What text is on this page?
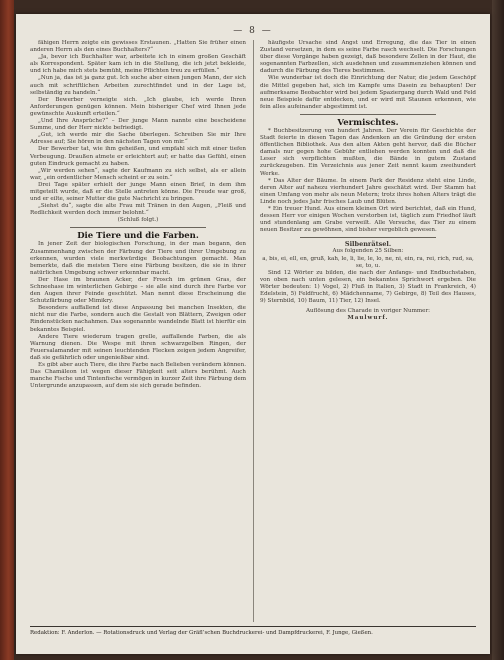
— 8 —

fähigen Herrn zeigte ein gewisses Erstaunen. „Hatten Sie früher einen anderen Herrn als den eines Buchhalters?“

„Ja, bevor ich Buchhalter war, arbeitete ich in einem großen Geschäft als Korrespondent. Später kam ich in die Stellung, die ich jetzt bekleide, und ich habe mich stets bemüht, meine Pflichten treu zu erfüllen.“

„Nun ja, das ist ja ganz gut. Ich suche aber einen jungen Mann, der sich auch mit schriftlichen Arbeiten zurechtfindet und in der Lage ist, selbständig zu handeln.“

Der Bewerber verneigte sich. „Ich glaube, ich werde Ihren Anforderungen genügen können. Mein bisheriger Chef wird Ihnen jede gewünschte Auskunft erteilen.“

„Und Ihre Ansprüche?“ – Der junge Mann nannte eine bescheidene Summe, und der Herr nickte befriedigt.

„Gut, ich werde mir die Sache überlegen. Schreiben Sie mir Ihre Adresse auf; Sie hören in den nächsten Tagen von mir.“

Der Bewerber tat, wie ihm geheißen, und empfahl sich mit einer tiefen Verbeugung. Draußen atmete er erleichtert auf; er hatte das Gefühl, einen guten Eindruck gemacht zu haben.

„Wir werden sehen“, sagte der Kaufmann zu sich selbst, als er allein war, „ein ordentlicher Mensch scheint er zu sein.“

Drei Tage später erhielt der junge Mann einen Brief, in dem ihm mitgeteilt wurde, daß er die Stelle antreten könne. Die Freude war groß, und er eilte, seiner Mutter die gute Nachricht zu bringen.

„Siehst du“, sagte die alte Frau mit Tränen in den Augen, „Fleiß und Redlichkeit werden doch immer belohnt.“

(Schluß folgt.)

Die Tiere und die Farben.

In jener Zeit der biologischen Forschung, in der man begann, den Zusammenhang zwischen der Färbung der Tiere und ihrer Umgebung zu erkennen, wurden viele merkwürdige Beobachtungen gemacht. Man bemerkte, daß die meisten Tiere eine Färbung besitzen, die sie in ihrer natürlichen Umgebung schwer erkennbar macht.

Der Hase im braunen Acker, der Frosch im grünen Gras, der Schneehase im winterlichen Gebirge – sie alle sind durch ihre Farbe vor den Augen ihrer Feinde geschützt. Man nennt diese Erscheinung die Schutzfärbung oder Mimikry.

Besonders auffallend ist diese Anpassung bei manchen Insekten, die nicht nur die Farbe, sondern auch die Gestalt von Blättern, Zweigen oder Rindenstücken nachahmen. Das sogenannte wandelnde Blatt ist hierfür ein bekanntes Beispiel.

Andere Tiere wiederum tragen grelle, auffallende Farben, die als Warnung dienen. Die Wespe mit ihren schwarzgelben Ringen, der Feuersalamander mit seinen leuchtenden Flecken zeigen jedem Angreifer, daß sie gefährlich oder ungenießbar sind.

Es gibt aber auch Tiere, die ihre Farbe nach Belieben verändern können. Das Chamäleon ist wegen dieser Fähigkeit seit alters berühmt. Auch manche Fische und Tintenfische vermögen in kurzer Zeit ihre Färbung dem Untergrunde anzupassen, auf dem sie sich gerade befinden.

häufigste Ursache sind Angst und Erregung, die das Tier in einen Zustand versetzen, in dem es seine Farbe rasch wechselt. Die Forschungen über diese Vorgänge haben gezeigt, daß besondere Zellen in der Haut, die sogenannten Farbzellen, sich ausdehnen und zusammenziehen können und dadurch die Färbung des Tieres bestimmen.

Wie wunderbar ist doch die Einrichtung der Natur, die jedem Geschöpf die Mittel gegeben hat, sich im Kampfe ums Dasein zu behaupten! Der aufmerksame Beobachter wird bei jedem Spaziergang durch Wald und Feld neue Beispiele dafür entdecken, und er wird mit Staunen erkennen, wie fein alles aufeinander abgestimmt ist.

Vermischtes.

* Buchbesitzerung von hundert Jahren. Der Verein für Geschichte der Stadt feierte in diesen Tagen das Andenken an die Gründung der ersten öffentlichen Bibliothek. Aus den alten Akten geht hervor, daß die Bücher damals nur gegen hohe Gebühr entliehen werden konnten und daß die Leser sich verpflichten mußten, die Bände in gutem Zustand zurückzugeben. Ein Verzeichnis aus jener Zeit nennt kaum zweihundert Werke.

* Das Alter der Bäume. In einem Park der Residenz steht eine Linde, deren Alter auf nahezu vierhundert Jahre geschätzt wird. Der Stamm hat einen Umfang von mehr als neun Metern; trotz ihres hohen Alters trägt die Linde noch jedes Jahr frisches Laub und Blüten.

* Ein treuer Hund. Aus einem kleinen Ort wird berichtet, daß ein Hund, dessen Herr vor einigen Wochen verstorben ist, täglich zum Friedhof läuft und stundenlang am Grabe verweilt. Alle Versuche, das Tier zu einem neuen Besitzer zu gewöhnen, sind bisher vergeblich gewesen.

Silbenrätsel.

Aus folgenden 25 Silben:

a, bis, ei, ell, en, gruß, kah, le, li, lie, le, lo, ne, ni, ein, ra, rei, rich, rud, sa, se, to, u.

Sind 12 Wörter zu bilden, die nach der Anfangs- und Endbuchstaben, von oben nach unten gelesen, ein bekanntes Sprichwort ergeben. Die Wörter bedeuten: 1) Vogel, 2) Fluß in Italien, 3) Stadt in Frankreich, 4) Edelstein, 5) Feldfrucht, 6) Mädchenname, 7) Gebirge, 8) Teil des Hauses, 9) Sternbild, 10) Baum, 11) Tier, 12) Insel.

Auflösung des Charade in voriger Nummer:

Maulwurf.

Redaktion: F. Anderlon. — Rotationsdruck und Verlag der Gräfl’schen Buchdruckerei- und Dampfdruckerei, F. Junge, Gießen.
